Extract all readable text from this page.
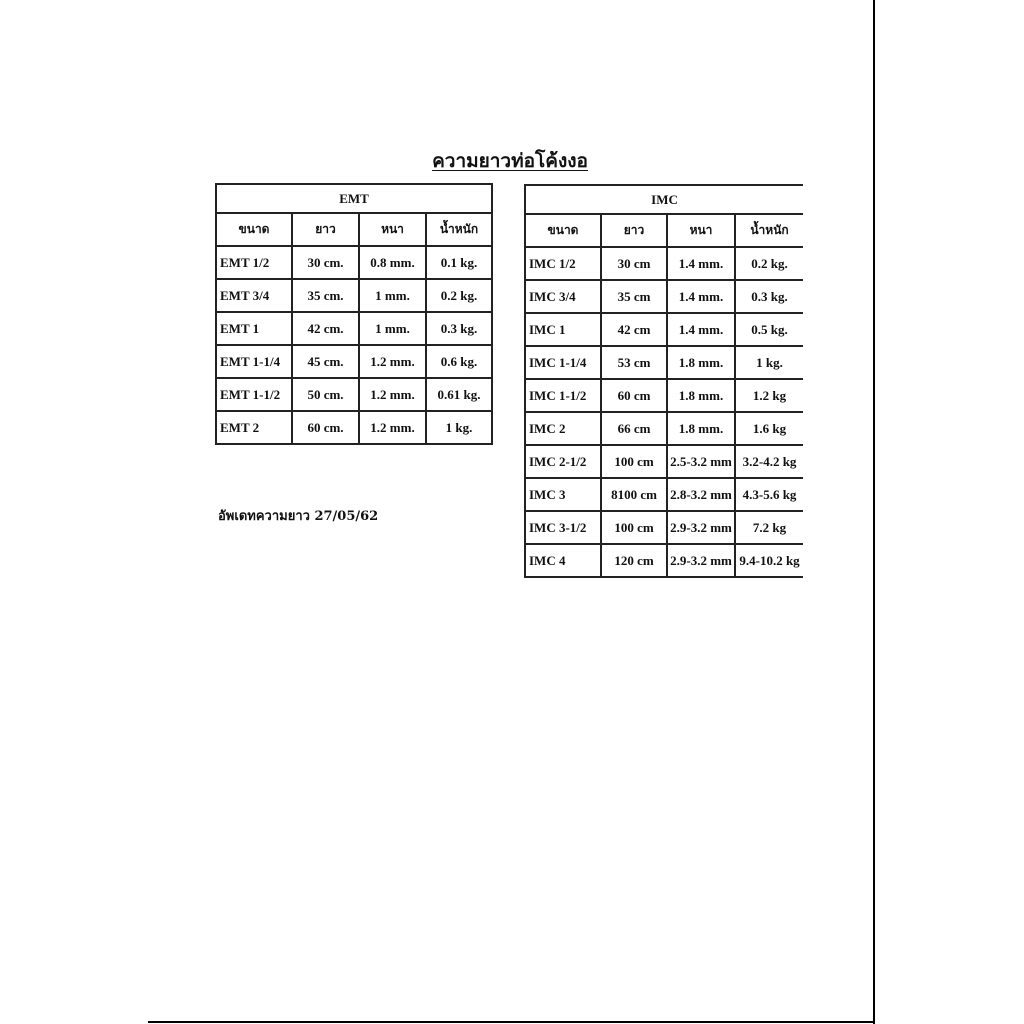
ความยาวท่อโค้งงอ
EMT			
ขนาด	ยาว	หนา	น้ำหนัก
EMT 1/2	30 cm.	0.8 mm.	0.1 kg.
EMT 3/4	35 cm.	1 mm.	0.2 kg.
EMT 1	42 cm.	1 mm.	0.3 kg.
EMT 1-1/4	45 cm.	1.2 mm.	0.6 kg.
EMT 1-1/2	50 cm.	1.2 mm.	0.61 kg.
EMT 2	60 cm.	1.2 mm.	1 kg.
IMC			
ขนาด	ยาว	หนา	น้ำหนัก
IMC 1/2	30 cm	1.4 mm.	0.2 kg.
IMC 3/4	35 cm	1.4 mm.	0.3 kg.
IMC 1	42 cm	1.4 mm.	0.5 kg.
IMC 1-1/4	53 cm	1.8 mm.	1 kg.
IMC 1-1/2	60 cm	1.8 mm.	1.2 kg
IMC 2	66 cm	1.8 mm.	1.6 kg
IMC 2-1/2	100 cm	2.5-3.2 mm	3.2-4.2 kg
IMC 3	8100 cm	2.8-3.2 mm	4.3-5.6 kg
IMC 3-1/2	100 cm	2.9-3.2 mm	7.2 kg
IMC 4	120 cm	2.9-3.2 mm	9.4-10.2 kg
อัพเดทความยาว 27/05/62
